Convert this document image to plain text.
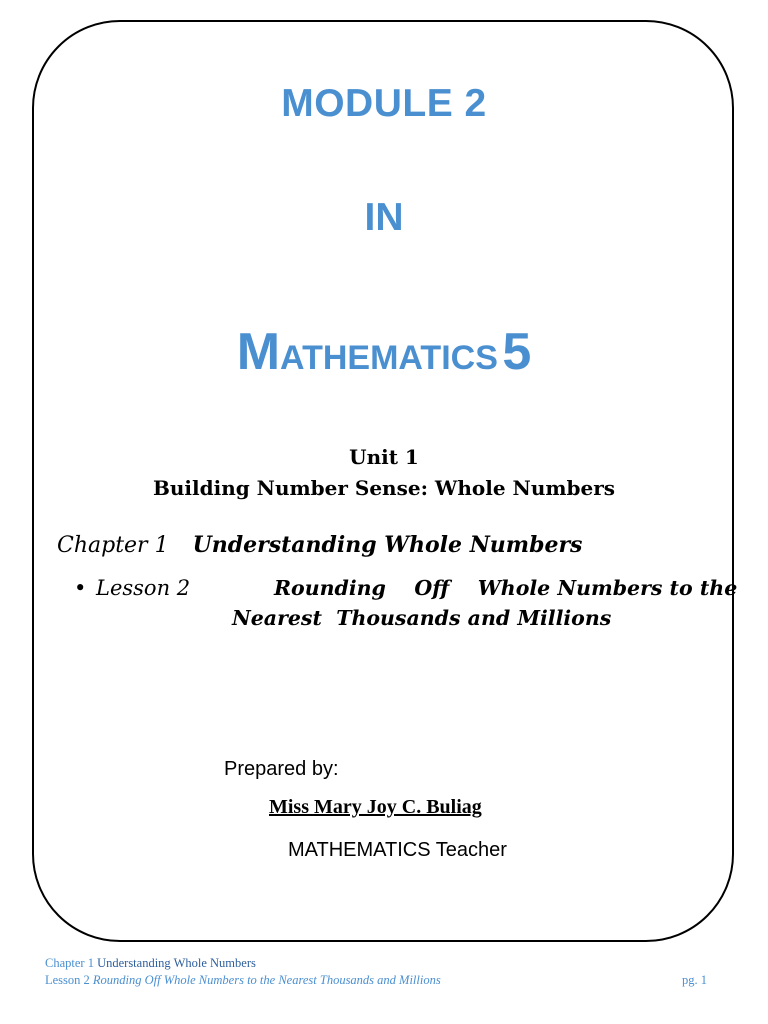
MODULE 2
IN
MATHEMATICS 5
Unit 1
Building Number Sense: Whole Numbers
Chapter 1 Understanding Whole Numbers
• Lesson 2	Rounding    Off    Whole Numbers to the
Nearest  Thousands and Millions
Prepared by:
Miss Mary Joy C. Buliag
MATHEMATICS Teacher
Chapter 1 Understanding Whole Numbers
Lesson 2 Rounding Off Whole Numbers to the Nearest Thousands and Millions	pg. 1
